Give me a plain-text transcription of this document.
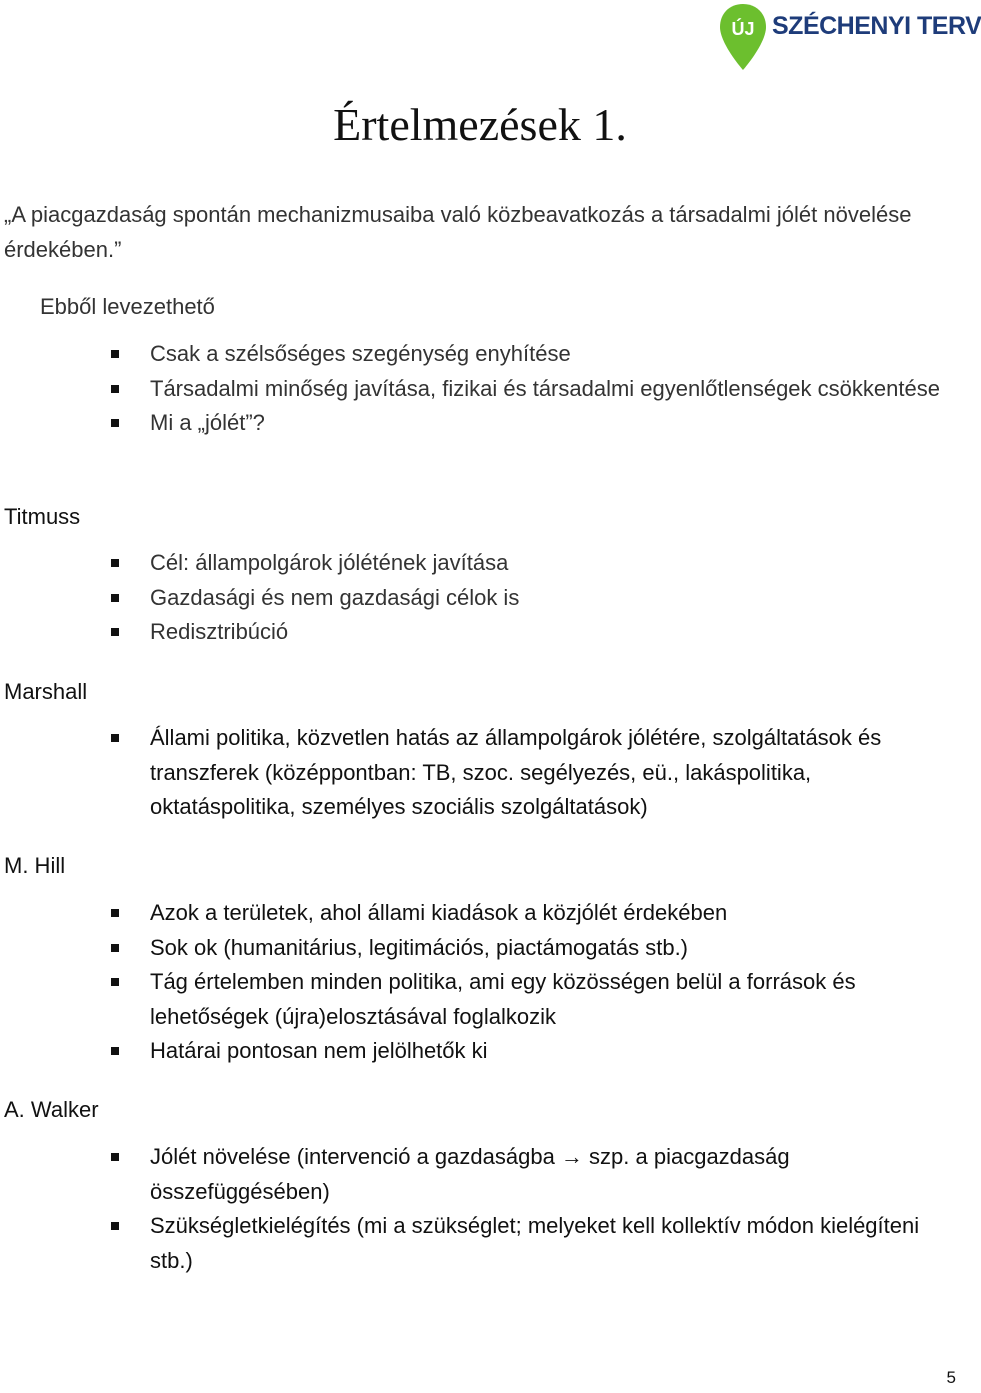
ÚJ SZÉCHENYI TERV
Értelmezések 1.
„A piacgazdaság spontán mechanizmusaiba való közbeavatkozás a társadalmi jólét növelése érdekében.”
Ebből levezethető
Csak a szélsőséges szegénység enyhítése
Társadalmi minőség javítása, fizikai és társadalmi egyenlőtlenségek csökkentése
Mi a „jólét”?
Titmuss
Cél: állampolgárok jólétének javítása
Gazdasági és nem gazdasági célok is
Redisztribúció
Marshall
Állami politika, közvetlen hatás az állampolgárok jólétére, szolgáltatások és transzferek (középpontban: TB, szoc. segélyezés, eü., lakáspolitika, oktatáspolitika, személyes szociális szolgáltatások)
M. Hill
Azok a területek, ahol állami kiadások a közjólét érdekében
Sok ok (humanitárius, legitimációs, piactámogatás stb.)
Tág értelemben minden politika, ami egy közösségen belül a források és lehetőségek (újra)elosztásával foglalkozik
Határai pontosan nem jelölhetők ki
A. Walker
Jólét növelése (intervenció a gazdaságba → szp. a piacgazdaság összefüggésében)
Szükségletkielégítés (mi a szükséglet; melyeket kell kollektív módon kielégíteni stb.)
5
